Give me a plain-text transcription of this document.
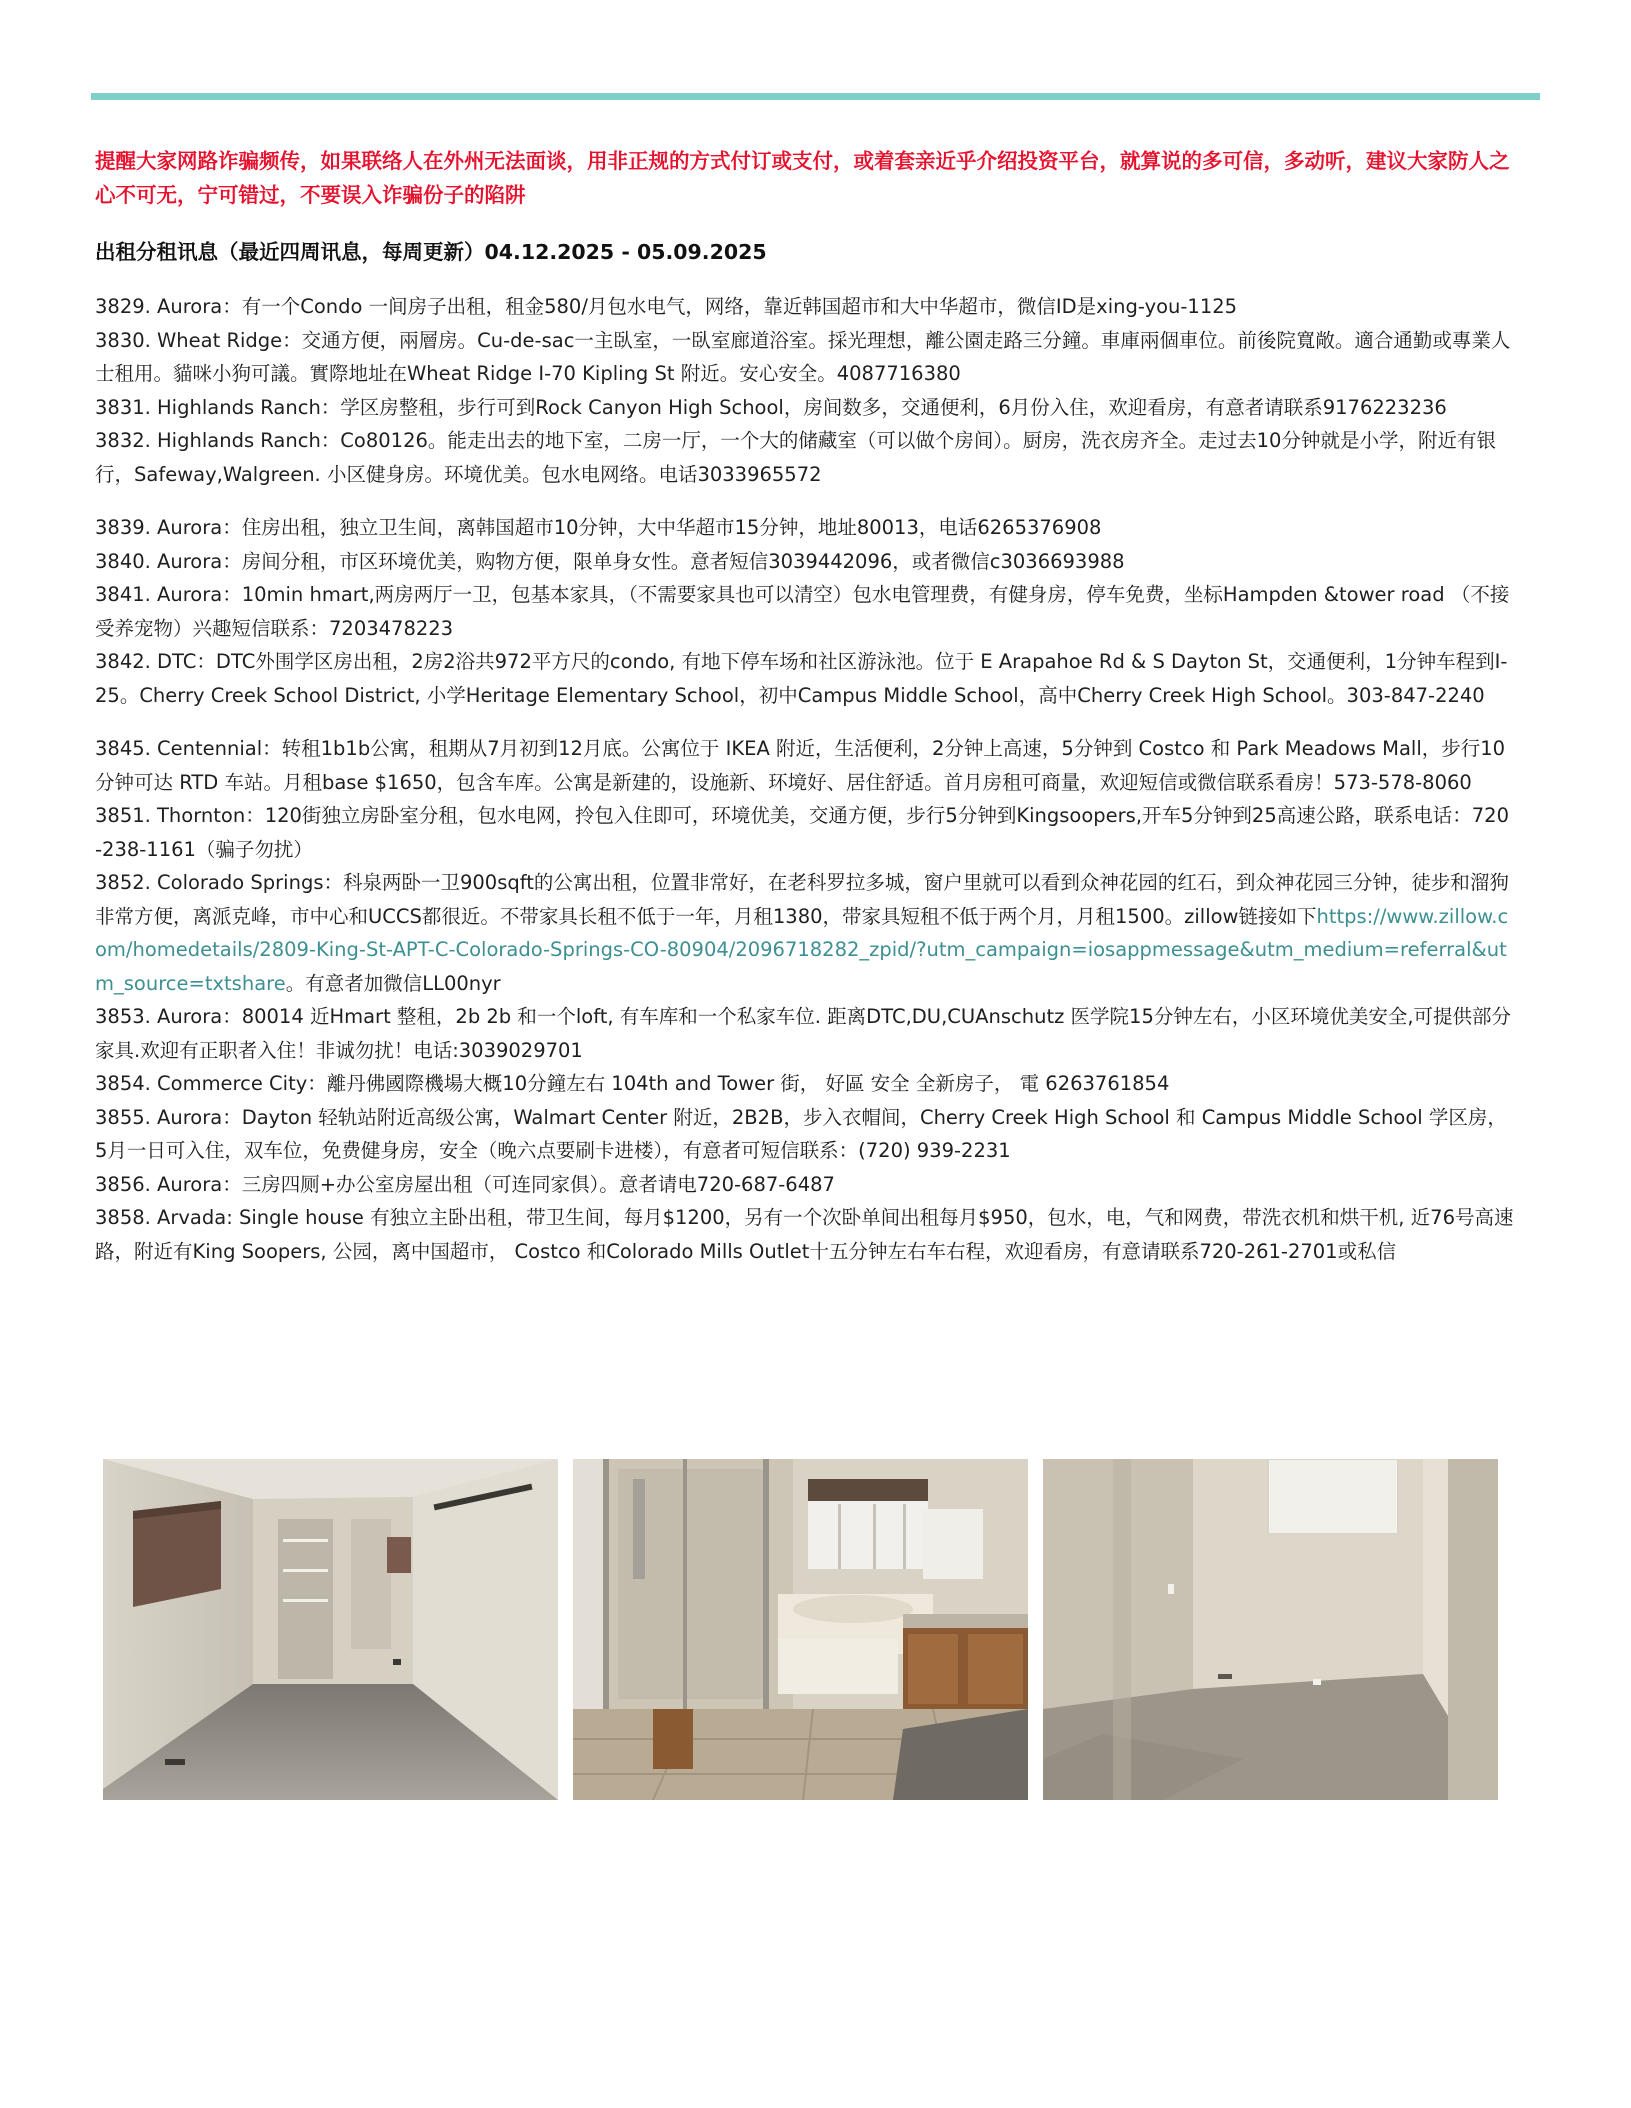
提醒大家网路诈骗频传，如果联络人在外州无法面谈，用非正规的方式付订或支付，或着套亲近乎介绍投资平台，就算说的多可信，多动听，建议大家防人之心不可无，宁可错过，不要误入诈骗份子的陷阱

出租分租讯息（最近四周讯息，每周更新）04.12.2025 - 05.09.2025

3829. Aurora：有一个Condo 一间房子出租，租金580/月包水电气，网络，靠近韩国超市和大中华超市，微信ID是xing-you-1125

3830. Wheat Ridge：交通方便，兩層房。Cu-de-sac一主臥室，一臥室廊道浴室。採光理想，離公園走路三分鐘。車庫兩個車位。前後院寬敞。適合通勤或專業人士租用。貓咪小狗可議。實際地址在Wheat Ridge I-70 Kipling St 附近。安心安全。4087716380

3831. Highlands Ranch：学区房整租，步行可到Rock Canyon High School，房间数多，交通便利，6月份入住，欢迎看房，有意者请联系9176223236

3832. Highlands Ranch：Co80126。能走出去的地下室，二房一厅，一个大的储藏室（可以做个房间）。厨房，洗衣房齐全。走过去10分钟就是小学，附近有银行，Safeway,Walgreen. 小区健身房。环境优美。包水电网络。电话3033965572

3839. Aurora：住房出租，独立卫生间，离韩国超市10分钟，大中华超市15分钟，地址80013，电话6265376908

3840. Aurora：房间分租，市区环境优美，购物方便，限单身女性。意者短信3039442096，或者微信c3036693988

3841. Aurora：10min hmart,两房两厅一卫，包基本家具，（不需要家具也可以清空）包水电管理费，有健身房，停车免费，坐标Hampden &tower road （不接受养宠物）兴趣短信联系：7203478223

3842. DTC：DTC外围学区房出租，2房2浴共972平方尺的condo, 有地下停车场和社区游泳池。位于 E Arapahoe Rd & S Dayton St，交通便利，1分钟车程到I-25。Cherry Creek School District, 小学Heritage Elementary School，初中Campus Middle School，高中Cherry Creek High School。303-847-2240

3845. Centennial：转租1b1b公寓，租期从7月初到12月底。公寓位于 IKEA 附近，生活便利，2分钟上高速，5分钟到 Costco 和 Park Meadows Mall，步行10分钟可达 RTD 车站。月租base $1650，包含车库。公寓是新建的，设施新、环境好、居住舒适。首月房租可商量，欢迎短信或微信联系看房！573-578-8060

3851. Thornton：120街独立房卧室分租，包水电网，拎包入住即可，环境优美，交通方便，步行5分钟到Kingsoopers,开车5分钟到25高速公路，联系电话：720-238-1161（骗子勿扰）

3852. Colorado Springs：科泉两卧一卫900sqft的公寓出租，位置非常好，在老科罗拉多城，窗户里就可以看到众神花园的红石，到众神花园三分钟，徒步和溜狗非常方便，离派克峰，市中心和UCCS都很近。不带家具长租不低于一年，月租1380，带家具短租不低于两个月，月租1500。zillow链接如下https://www.zillow.com/homedetails/2809-King-St-APT-C-Colorado-Springs-CO-80904/2096718282_zpid/?utm_campaign=iosappmessage&utm_medium=referral&utm_source=txtshare。有意者加微信LL00nyr

3853. Aurora：80014 近Hmart 整租，2b 2b 和一个loft, 有车库和一个私家车位. 距离DTC,DU,CUAnschutz 医学院15分钟左右，小区环境优美安全,可提供部分家具.欢迎有正职者入住！非诚勿扰！电话:3039029701

3854. Commerce City：離丹佛國際機場大概10分鐘左右 104th and Tower 街， 好區 安全 全新房子， 電 6263761854

3855. Aurora：Dayton 轻轨站附近高级公寓，Walmart Center 附近，2B2B，步入衣帽间，Cherry Creek High School 和 Campus Middle School 学区房，5月一日可入住，双车位，免费健身房，安全（晚六点要刷卡进楼），有意者可短信联系：(720) 939-2231

3856. Aurora：三房四厕+办公室房屋出租（可连同家俱）。意者请电720-687-6487

3858. Arvada: Single house 有独立主卧出租，带卫生间，每月$1200，另有一个次卧单间出租每月$950，包水，电，气和网费，带洗衣机和烘干机, 近76号高速路，附近有King Soopers, 公园，离中国超市， Costco 和Colorado Mills Outlet十五分钟左右车右程，欢迎看房，有意请联系720-261-2701或私信
